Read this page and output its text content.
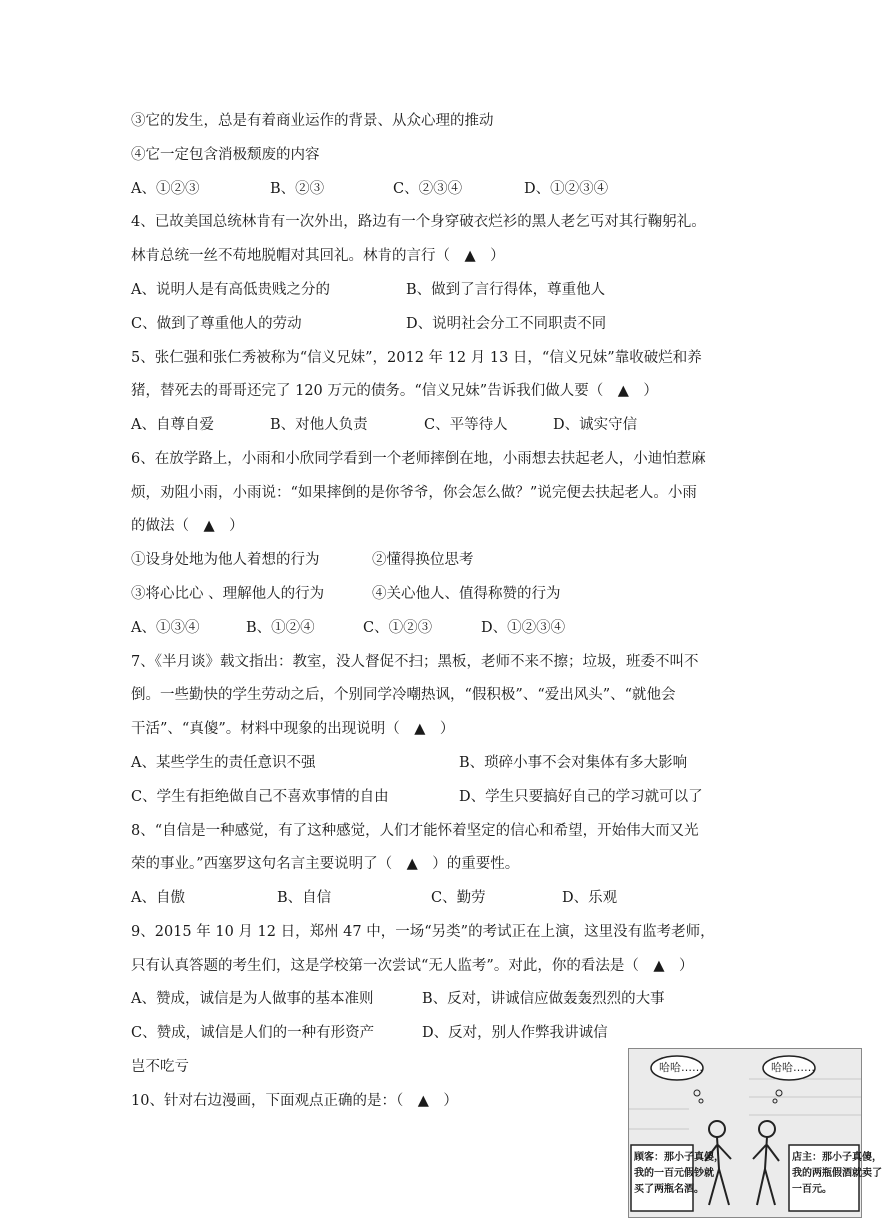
③它的发生，总是有着商业运作的背景、从众心理的推动
④它一定包含消极颓废的内容
A、①②③	B、②③	C、②③④	D、①②③④
4、已故美国总统林肯有一次外出，路边有一个身穿破衣烂衫的黑人老乞丐对其行鞠躬礼。
林肯总统一丝不苟地脱帽对其回礼。林肯的言行（　▲　）
A、说明人是有高低贵贱之分的	B、做到了言行得体，尊重他人
C、做到了尊重他人的劳动	D、说明社会分工不同职责不同
5、张仁强和张仁秀被称为“信义兄妹”，2012 年 12 月 13 日，“信义兄妹”靠收破烂和养
猪，替死去的哥哥还完了 120 万元的债务。“信义兄妹”告诉我们做人要（　▲　）
A、自尊自爱	B、对他人负责	C、平等待人	D、诚实守信
6、在放学路上，小雨和小欣同学看到一个老师摔倒在地，小雨想去扶起老人，小迪怕惹麻
烦，劝阻小雨，小雨说：“如果摔倒的是你爷爷，你会怎么做？”说完便去扶起老人。小雨
的做法（　▲　）
①设身处地为他人着想的行为	②懂得换位思考
③将心比心 、理解他人的行为	④关心他人、值得称赞的行为
A、①③④	B、①②④	C、①②③	D、①②③④
7、《半月谈》载文指出：教室，没人督促不扫；黑板，老师不来不擦；垃圾，班委不叫不
倒。一些勤快的学生劳动之后，个别同学冷嘲热讽，“假积极”、“爱出风头”、“就他会
干活”、“真傻”。材料中现象的出现说明（　▲　）
A、某些学生的责任意识不强	B、琐碎小事不会对集体有多大影响
C、学生有拒绝做自己不喜欢事情的自由	D、学生只要搞好自己的学习就可以了
8、“自信是一种感觉，有了这种感觉，人们才能怀着坚定的信心和希望，开始伟大而又光
荣的事业。”西塞罗这句名言主要说明了（　▲　）的重要性。
A、自傲	B、自信	C、勤劳	D、乐观
9、2015 年 10 月 12 日，郑州 47 中，一场“另类”的考试正在上演，这里没有监考老师，
只有认真答题的考生们，这是学校第一次尝试“无人监考”。对此，你的看法是（　▲　）
A、赞成，诚信是为人做事的基本准则	B、反对，讲诚信应做轰轰烈烈的大事
C、赞成，诚信是人们的一种有形资产	D、反对，别人作弊我讲诚信
岂不吃亏
10、针对右边漫画，下面观点正确的是：（　▲　）
哈哈……	哈哈……
顾客：那小子真傻，
我的一百元假钞就
买了两瓶名酒。
店主：那小子真傻，
我的两瓶假酒就卖了
一百元。
